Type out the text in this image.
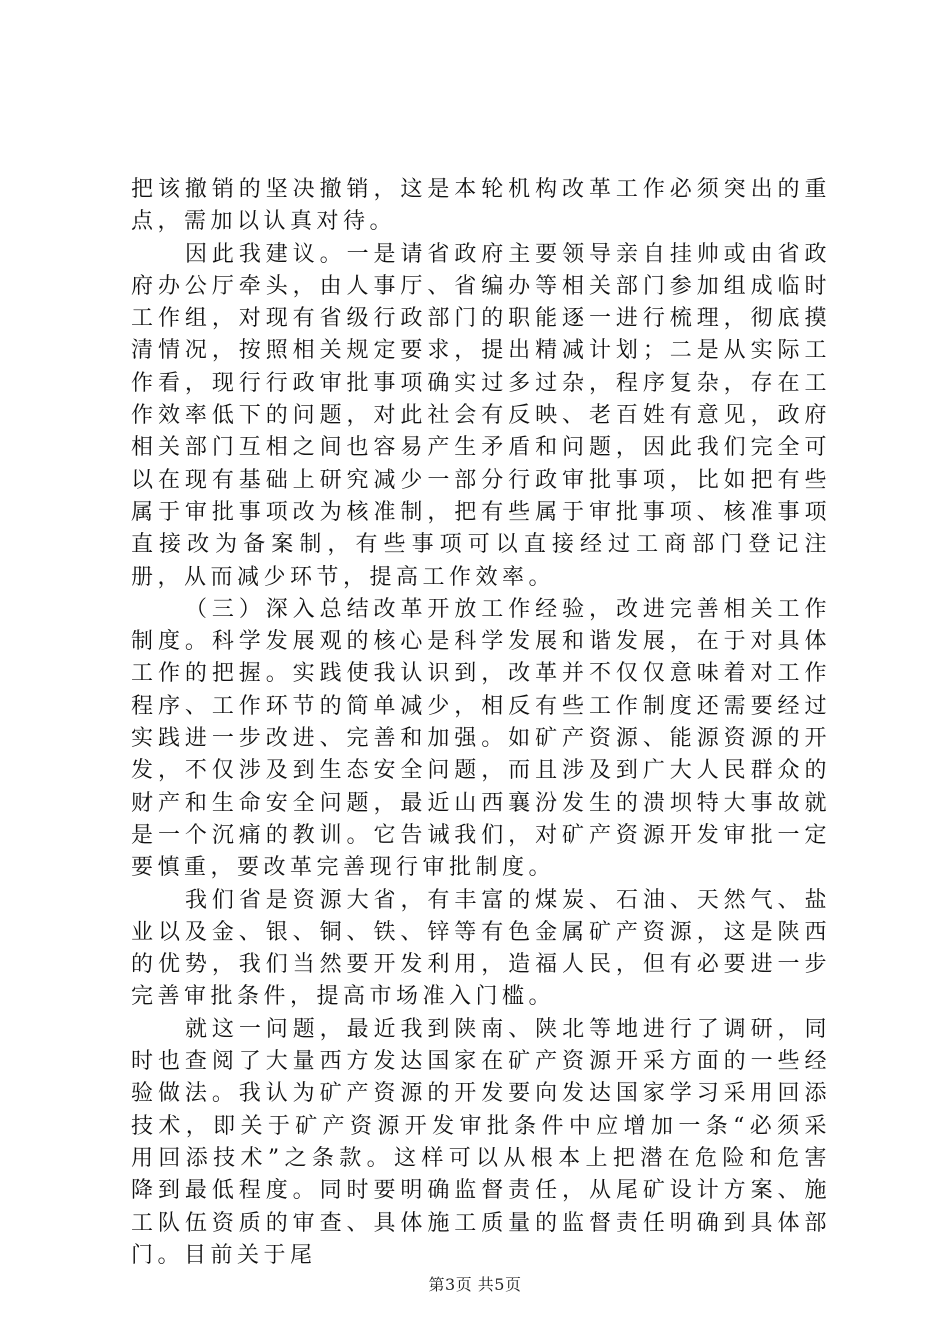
把该撤销的坚决撤销，这是本轮机构改革工作必须突出的重点，需加以认真对待。

因此我建议。一是请省政府主要领导亲自挂帅或由省政府办公厅牵头，由人事厅、省编办等相关部门参加组成临时工作组，对现有省级行政部门的职能逐一进行梳理，彻底摸清情况，按照相关规定要求，提出精减计划；二是从实际工作看，现行行政审批事项确实过多过杂，程序复杂，存在工作效率低下的问题，对此社会有反映、老百姓有意见，政府相关部门互相之间也容易产生矛盾和问题，因此我们完全可以在现有基础上研究减少一部分行政审批事项，比如把有些属于审批事项改为核准制，把有些属于审批事项、核准事项直接改为备案制，有些事项可以直接经过工商部门登记注册，从而减少环节，提高工作效率。

（三）深入总结改革开放工作经验，改进完善相关工作制度。科学发展观的核心是科学发展和谐发展，在于对具体工作的把握。实践使我认识到，改革并不仅仅意味着对工作程序、工作环节的简单减少，相反有些工作制度还需要经过实践进一步改进、完善和加强。如矿产资源、能源资源的开发，不仅涉及到生态安全问题，而且涉及到广大人民群众的财产和生命安全问题，最近山西襄汾发生的溃坝特大事故就是一个沉痛的教训。它告诫我们，对矿产资源开发审批一定要慎重，要改革完善现行审批制度。

我们省是资源大省，有丰富的煤炭、石油、天然气、盐业以及金、银、铜、铁、锌等有色金属矿产资源，这是陕西的优势，我们当然要开发利用，造福人民，但有必要进一步完善审批条件，提高市场准入门槛。

就这一问题，最近我到陕南、陕北等地进行了调研，同时也查阅了大量西方发达国家在矿产资源开采方面的一些经验做法。我认为矿产资源的开发要向发达国家学习采用回添技术，即关于矿产资源开发审批条件中应增加一条“必须采用回添技术”之条款。这样可以从根本上把潜在危险和危害降到最低程度。同时要明确监督责任，从尾矿设计方案、施工队伍资质的审查、具体施工质量的监督责任明确到具体部门。目前关于尾

第3页 共5页
